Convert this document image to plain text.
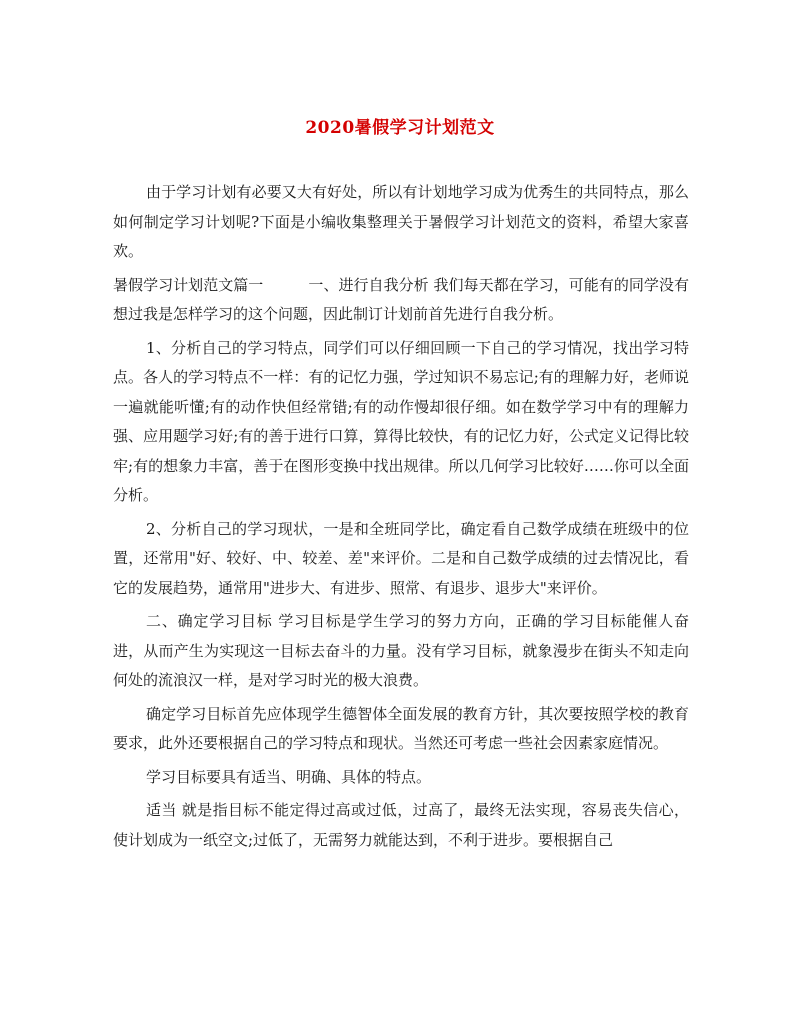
2020暑假学习计划范文

由于学习计划有必要又大有好处，所以有计划地学习成为优秀生的共同特点，那么如何制定学习计划呢?下面是小编收集整理关于暑假学习计划范文的资料，希望大家喜欢。

暑假学习计划范文篇一　　　一、进行自我分析 我们每天都在学习，可能有的同学没有想过我是怎样学习的这个问题，因此制订计划前首先进行自我分析。

1、分析自己的学习特点，同学们可以仔细回顾一下自己的学习情况，找出学习特点。各人的学习特点不一样：有的记忆力强，学过知识不易忘记;有的理解力好，老师说一遍就能听懂;有的动作快但经常错;有的动作慢却很仔细。如在数学学习中有的理解力强、应用题学习好;有的善于进行口算，算得比较快，有的记忆力好，公式定义记得比较牢;有的想象力丰富，善于在图形变换中找出规律。所以几何学习比较好……你可以全面分析。

2、分析自己的学习现状，一是和全班同学比，确定看自己数学成绩在班级中的位置，还常用"好、较好、中、较差、差"来评价。二是和自己数学成绩的过去情况比，看它的发展趋势，通常用"进步大、有进步、照常、有退步、退步大"来评价。

二、确定学习目标 学习目标是学生学习的努力方向，正确的学习目标能催人奋进，从而产生为实现这一目标去奋斗的力量。没有学习目标，就象漫步在街头不知走向何处的流浪汉一样，是对学习时光的极大浪费。

确定学习目标首先应体现学生德智体全面发展的教育方针，其次要按照学校的教育要求，此外还要根据自己的学习特点和现状。当然还可考虑一些社会因素家庭情况。

学习目标要具有适当、明确、具体的特点。

适当 就是指目标不能定得过高或过低，过高了，最终无法实现，容易丧失信心，使计划成为一纸空文;过低了，无需努力就能达到，不利于进步。要根据自己
